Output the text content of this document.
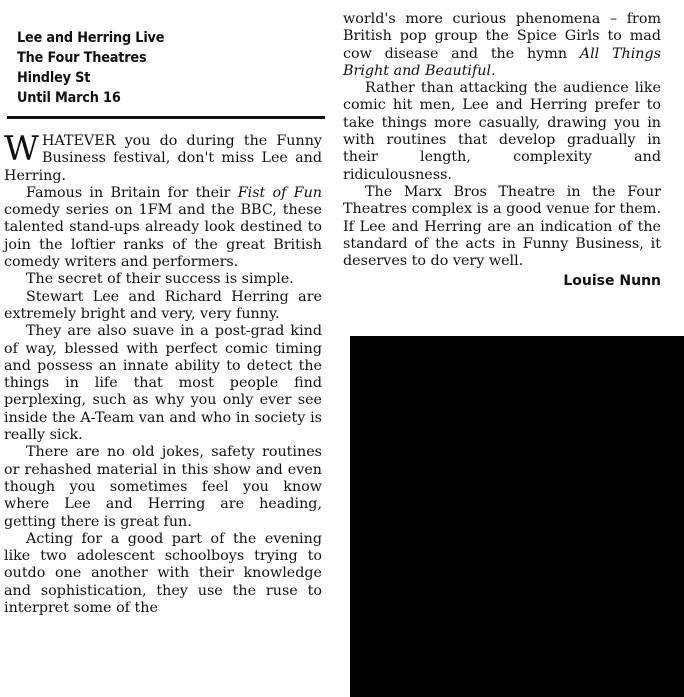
Lee and Herring Live
The Four Theatres
Hindley St
Until March 16

WHATEVER you do during the Funny Business festival, don't miss Lee and Herring.

Famous in Britain for their Fist of Fun comedy series on 1FM and the BBC, these talented stand-ups already look destined to join the loftier ranks of the great British comedy writers and performers.

The secret of their success is simple.

Stewart Lee and Richard Herring are extremely bright and very, very funny.

They are also suave in a post-grad kind of way, blessed with perfect comic timing and possess an innate ability to detect the things in life that most people find perplexing, such as why you only ever see inside the A-Team van and who in society is really sick.

There are no old jokes, safety routines or rehashed material in this show and even though you sometimes feel you know where Lee and Herring are heading, getting there is great fun.

Acting for a good part of the evening like two adolescent schoolboys trying to outdo one another with their knowledge and sophistication, they use the ruse to interpret some of the

world's more curious phenomena – from British pop group the Spice Girls to mad cow disease and the hymn All Things Bright and Beautiful.

Rather than attacking the audience like comic hit men, Lee and Herring prefer to take things more casually, drawing you in with routines that develop gradually in their length, complexity and ridiculousness.

The Marx Bros Theatre in the Four Theatres complex is a good venue for them. If Lee and Herring are an indication of the standard of the acts in Funny Business, it deserves to do very well.

Louise Nunn
